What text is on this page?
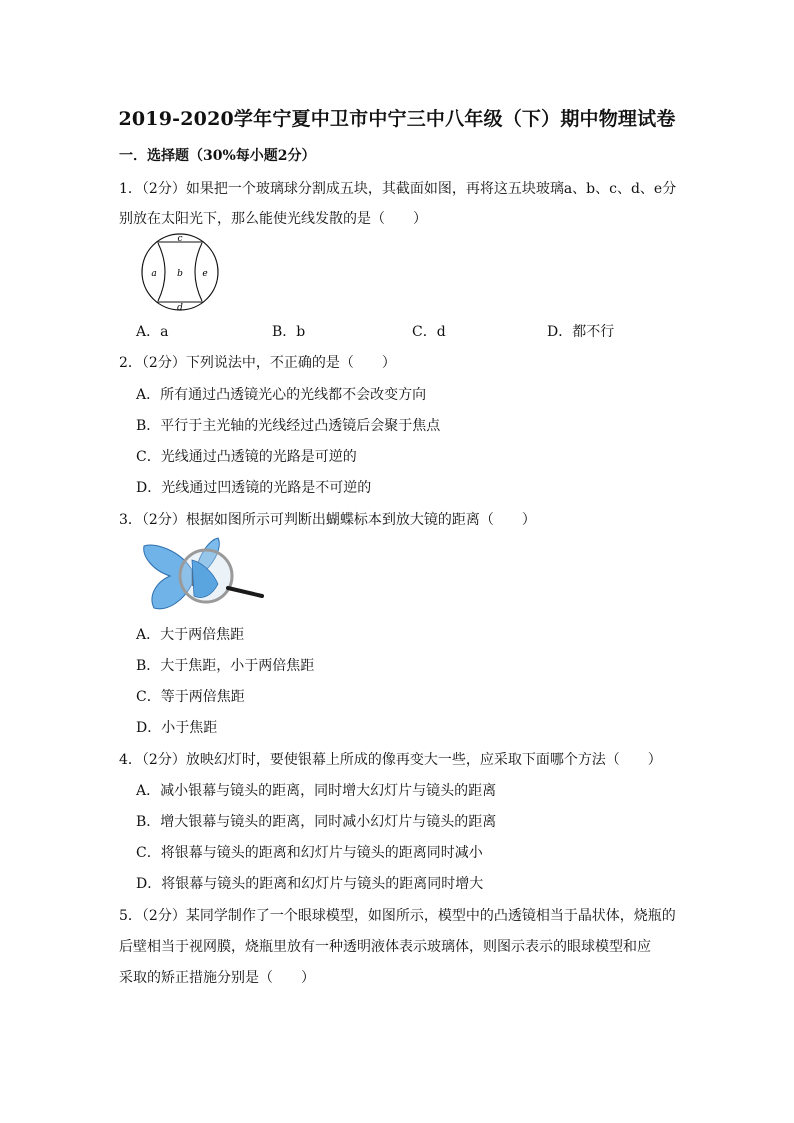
2019-2020学年宁夏中卫市中宁三中八年级（下）期中物理试卷
一．选择题（30%每小题2分）
1．（2分）如果把一个玻璃球分割成五块，其截面如图，再将这五块玻璃a、b、c、d、e分
别放在太阳光下，那么能使光线发散的是（　　）
c
a b e
d
A．a	B．b	C．d	D．都不行
2．（2分）下列说法中，不正确的是（　　）
A．所有通过凸透镜光心的光线都不会改变方向
B．平行于主光轴的光线经过凸透镜后会聚于焦点
C．光线通过凸透镜的光路是可逆的
D．光线通过凹透镜的光路是不可逆的
3．（2分）根据如图所示可判断出蝴蝶标本到放大镜的距离（　　）
A．大于两倍焦距
B．大于焦距，小于两倍焦距
C．等于两倍焦距
D．小于焦距
4．（2分）放映幻灯时，要使银幕上所成的像再变大一些，应采取下面哪个方法（　　）
A．减小银幕与镜头的距离，同时增大幻灯片与镜头的距离
B．增大银幕与镜头的距离，同时减小幻灯片与镜头的距离
C．将银幕与镜头的距离和幻灯片与镜头的距离同时减小
D．将银幕与镜头的距离和幻灯片与镜头的距离同时增大
5．（2分）某同学制作了一个眼球模型，如图所示，模型中的凸透镜相当于晶状体，烧瓶的
后壁相当于视网膜，烧瓶里放有一种透明液体表示玻璃体，则图示表示的眼球模型和应
采取的矫正措施分别是（　　）
